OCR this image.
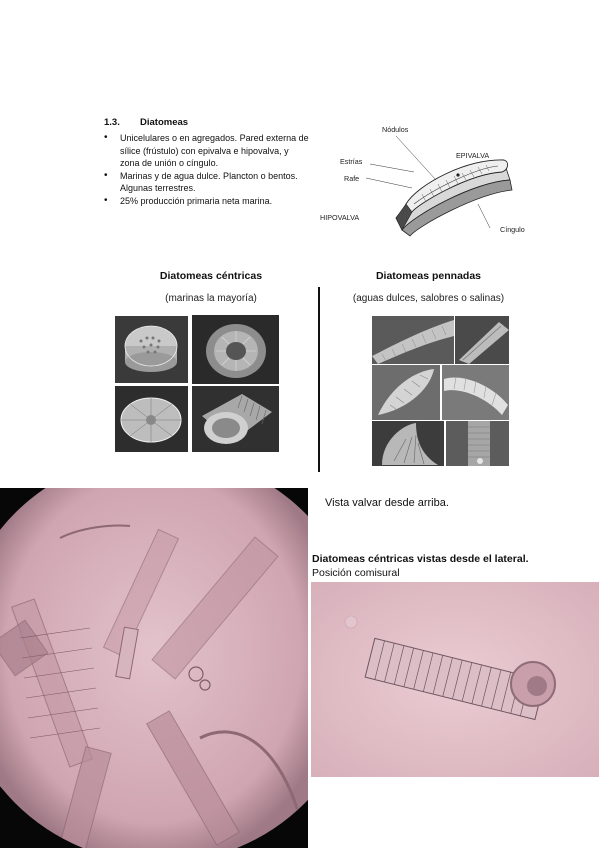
1.3. Diatomeas
• Unicelulares o en agregados. Pared externa de sílice (frústulo) con epivalva e hipovalva, y zona de unión o cíngulo.
• Marinas y de agua dulce. Plancton o bentos. Algunas terrestres.
• 25% producción primaria neta marina.
Nódulos
Estrías
Rafe
EPIVALVA
HIPOVALVA
Cíngulo
Diatomeas céntricas
(marinas la mayoría)
Diatomeas pennadas
(aguas dulces, salobres o salinas)
Vista valvar desde arriba.
Diatomeas céntricas vistas desde el lateral. Posición comisural
